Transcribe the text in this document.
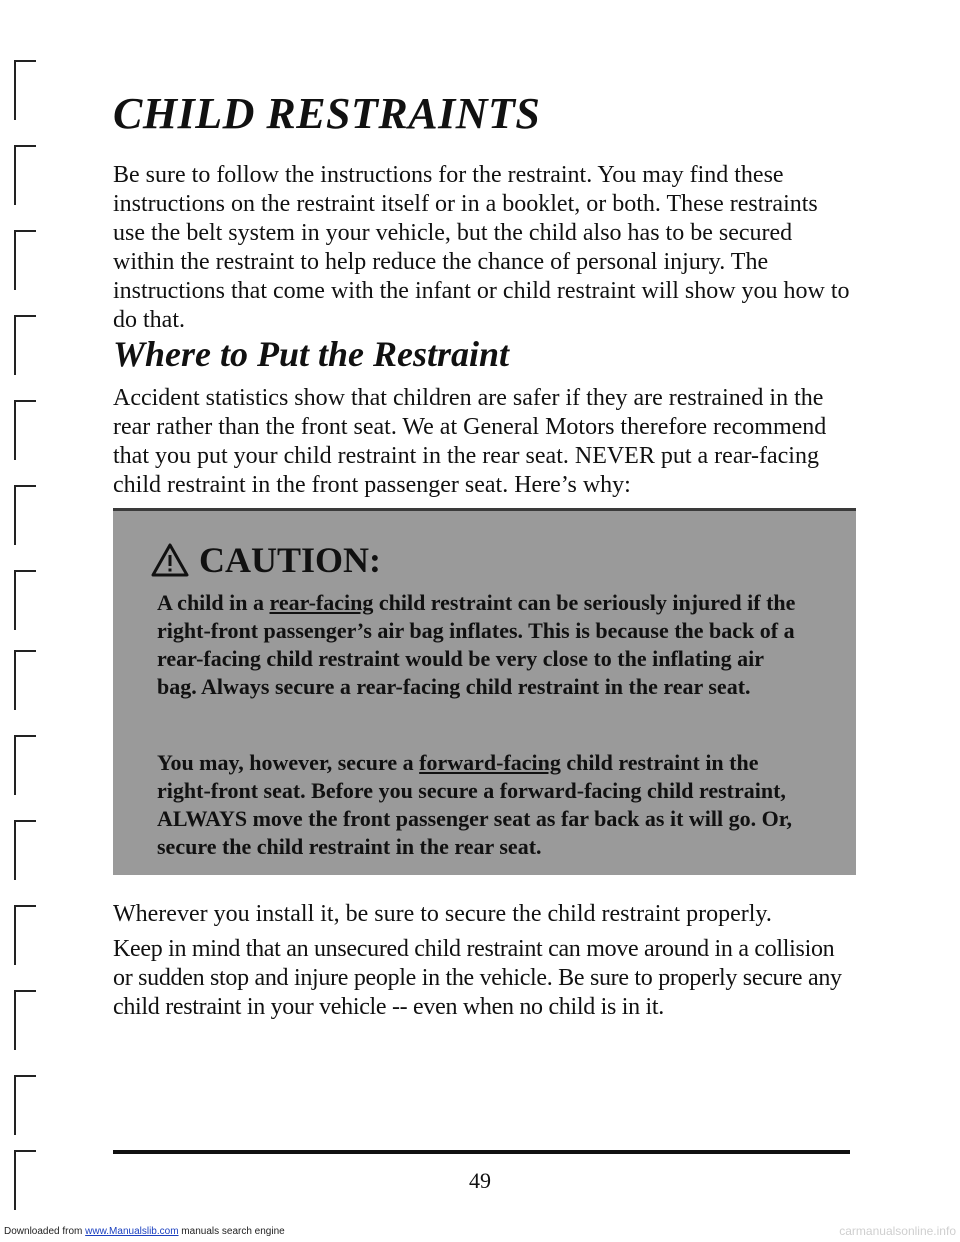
CHILD RESTRAINTS

Be sure to follow the instructions for the restraint. You may find these instructions on the restraint itself or in a booklet, or both. These restraints use the belt system in your vehicle, but the child also has to be secured within the restraint to help reduce the chance of personal injury. The instructions that come with the infant or child restraint will show you how to do that.

Where to Put the Restraint

Accident statistics show that children are safer if they are restrained in the rear rather than the front seat. We at General Motors therefore recommend that you put your child restraint in the rear seat. NEVER put a rear-facing child restraint in the front passenger seat. Here’s why:

CAUTION:

A child in a rear-facing child restraint can be seriously injured if the right-front passenger’s air bag inflates. This is because the back of a rear-facing child restraint would be very close to the inflating air bag. Always secure a rear-facing child restraint in the rear seat.

You may, however, secure a forward-facing child restraint in the right-front seat. Before you secure a forward-facing child restraint, ALWAYS move the front passenger seat as far back as it will go. Or, secure the child restraint in the rear seat.

Wherever you install it, be sure to secure the child restraint properly.

Keep in mind that an unsecured child restraint can move around in a collision or sudden stop and injure people in the vehicle. Be sure to properly secure any child restraint in your vehicle -- even when no child is in it.

49
Downloaded from www.Manualslib.com manuals search engine	carmanualsonline.info
